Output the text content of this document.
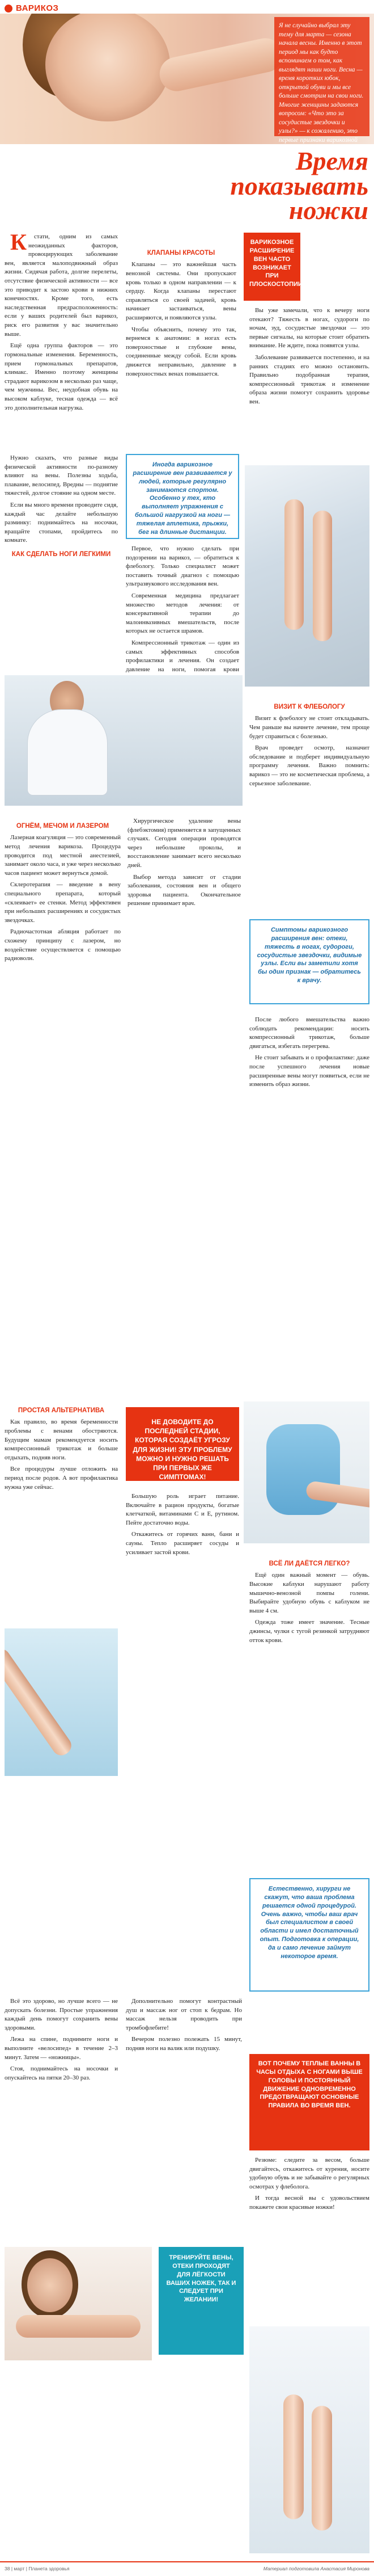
ВАРИКОЗ
Я не случайно выбрал эту тему для марта — сезона начала весны. Именно в этот период мы как будто вспоминаем о том, как выглядят наши ноги. Весна — время коротких юбок, открытой обуви и мы все больше смотрим на свои ноги. Многие женщины задаются вопросом: «Что это за сосудистые звездочки и узлы?» — к сожалению, это первые признаки варикозной
Время
показывать
ножки

Кстати, одним из самых неожиданных факторов, провоцирующих заболевание вен, является малоподвижный образ жизни. Сидячая работа, долгие перелеты, отсутствие физической активности — все это приводит к застою крови в нижних конечностях. Кроме того, есть наследственная предрасположенность: если у ваших родителей был варикоз, риск его развития у вас значительно выше.

Ещё одна группа факторов — это гормональные изменения. Беременность, прием гормональных препаратов, климакс. Именно поэтому женщины страдают варикозом в несколько раз чаще, чем мужчины. Вес, неудобная обувь на высоком каблуке, тесная одежда — всё это дополнительная нагрузка.

КЛАПАНЫ КРАСОТЫ

Клапаны — это важнейшая часть венозной системы. Они пропускают кровь только в одном направлении — к сердцу. Когда клапаны перестают справляться со своей задачей, кровь начинает застаиваться, вены расширяются, и появляются узлы.

Чтобы объяснить, почему это так, вернемся к анатомии: в ногах есть поверхностные и глубокие вены, соединенные между собой. Если кровь движется неправильно, давление в поверхностных венах повышается.

ВАРИКОЗНОЕ РАСШИРЕНИЕ ВЕН ЧАСТО ВОЗНИКАЕТ ПРИ ПЛОСКОСТОПИИ.

Вы уже замечали, что к вечеру ноги отекают? Тяжесть в ногах, судороги по ночам, зуд, сосудистые звездочки — это первые сигналы, на которые стоит обратить внимание. Не ждите, пока появятся узлы.

Заболевание развивается постепенно, и на ранних стадиях его можно остановить. Правильно подобранная терапия, компрессионный трикотаж и изменение образа жизни помогут сохранить здоровье вен.

Нужно сказать, что разные виды физической активности по-разному влияют на вены. Полезны ходьба, плавание, велосипед. Вредны — поднятие тяжестей, долгое стояние на одном месте.

Если вы много времени проводите сидя, каждый час делайте небольшую разминку: поднимайтесь на носочки, вращайте стопами, пройдитесь по комнате.

КАК СДЕЛАТЬ НОГИ ЛЕГКИМИ
Иногда варикозное расширение вен развивается у людей, которые регулярно занимаются спортом. Особенно у тех, кто выполняет упражнения с большой нагрузкой на ноги — тяжелая атлетика, прыжки, бег на длинные дистанции.

Первое, что нужно сделать при подозрении на варикоз, — обратиться к флебологу. Только специалист может поставить точный диагноз с помощью ультразвукового исследования вен.

Современная медицина предлагает множество методов лечения: от консервативной терапии до малоинвазивных вмешательств, после которых не остается шрамов.

Компрессионный трикотаж — один из самых эффективных способов профилактики и лечения. Он создает давление на ноги, помогая крови

ВИЗИТ К ФЛЕБОЛОГУ

Визит к флебологу не стоит откладывать. Чем раньше вы начнете лечение, тем проще будет справиться с болезнью.

Врач проведет осмотр, назначит обследование и подберет индивидуальную программу лечения. Важно помнить: варикоз — это не косметическая проблема, а серьезное заболевание.

Симптомы варикозного расширения вен: отеки, тяжесть в ногах, судороги, сосудистые звездочки, видимые узлы. Если вы заметили хотя бы один признак — обратитесь к врачу.
ОГНЁМ, МЕЧОМ И ЛАЗЕРОМ

Лазерная коагуляция — это современный метод лечения варикоза. Процедура проводится под местной анестезией, занимает около часа, и уже через несколько часов пациент может вернуться домой.

Склеротерапия — введение в вену специального препарата, который «склеивает» ее стенки. Метод эффективен при небольших расширениях и сосудистых звездочках.

Радиочастотная абляция работает по схожему принципу с лазером, но воздействие осуществляется с помощью радиоволн.

Хирургическое удаление вены (флебэктомия) применяется в запущенных случаях. Сегодня операции проводятся через небольшие проколы, и восстановление занимает всего несколько дней.

Выбор метода зависит от стадии заболевания, состояния вен и общего здоровья пациента. Окончательное решение принимает врач.

После любого вмешательства важно соблюдать рекомендации: носить компрессионный трикотаж, больше двигаться, избегать перегрева.

Не стоит забывать и о профилактике: даже после успешного лечения новые расширенные вены могут появиться, если не изменить образ жизни.

ПРОСТАЯ АЛЬТЕРНАТИВА

Как правило, во время беременности проблемы с венами обостряются. Будущим мамам рекомендуется носить компрессионный трикотаж и больше отдыхать, подняв ноги.

Все процедуры лучше отложить на период после родов. А вот профилактика нужна уже сейчас.

НЕ ДОВОДИТЕ ДО ПОСЛЕДНЕЙ СТАДИИ, КОТОРАЯ СОЗДАЁТ УГРОЗУ ДЛЯ ЖИЗНИ! ЭТУ ПРОБЛЕМУ МОЖНО И НУЖНО РЕШАТЬ ПРИ ПЕРВЫХ ЖЕ СИМПТОМАХ!

Большую роль играет питание. Включайте в рацион продукты, богатые клетчаткой, витаминами С и Е, рутином. Пейте достаточно воды.

Откажитесь от горячих ванн, бани и сауны. Тепло расширяет сосуды и усиливает застой крови.

ВСЁ ЛИ ДАЁТСЯ ЛЕГКО?

Ещё один важный момент — обувь. Высокие каблуки нарушают работу мышечно-венозной помпы голени. Выбирайте удобную обувь с каблуком не выше 4 см.

Одежда тоже имеет значение. Тесные джинсы, чулки с тугой резинкой затрудняют отток крови.

Естественно, хирурги не скажут, что ваша проблема решается одной процедурой. Очень важно, чтобы ваш врач был специалистом в своей области и имел достаточный опыт. Подготовка к операции, да и само лечение займут некоторое время.

Всё это здорово, но лучше всего — не допускать болезни. Простые упражнения каждый день помогут сохранить вены здоровыми.

Лежа на спине, поднимите ноги и выполните «велосипед» в течение 2–3 минут. Затем — «ножницы».

Стоя, поднимайтесь на носочки и опускайтесь на пятки 20–30 раз.

ТРЕНИРУЙТЕ ВЕНЫ, ОТЕКИ ПРОХОДЯТ ДЛЯ ЛЁГКОСТИ ВАШИХ НОЖЕК, ТАК И СЛЕДУЕТ ПРИ ЖЕЛАНИИ!

Дополнительно помогут контрастный душ и массаж ног от стоп к бедрам. Но массаж нельзя проводить при тромбофлебите!

Вечером полезно полежать 15 минут, подняв ноги на валик или подушку.

ВОТ ПОЧЕМУ ТЕПЛЫЕ ВАННЫ В ЧАСЫ ОТДЫХА С НОГАМИ ВЫШЕ ГОЛОВЫ И ПОСТОЯННЫЙ ДВИЖЕНИЕ ОДНОВРЕМЕННО ПРЕДОТВРАЩАЮТ ОСНОВНЫЕ ПРАВИЛА ВО ВРЕМЯ ВЕН.

Резюме: следите за весом, больше двигайтесь, откажитесь от курения, носите удобную обувь и не забывайте о регулярных осмотрах у флеболога.

И тогда весной вы с удовольствием покажете свои красивые ножки!

38 | март | Планета здоровья	Материал подготовила Анастасия Миронова
